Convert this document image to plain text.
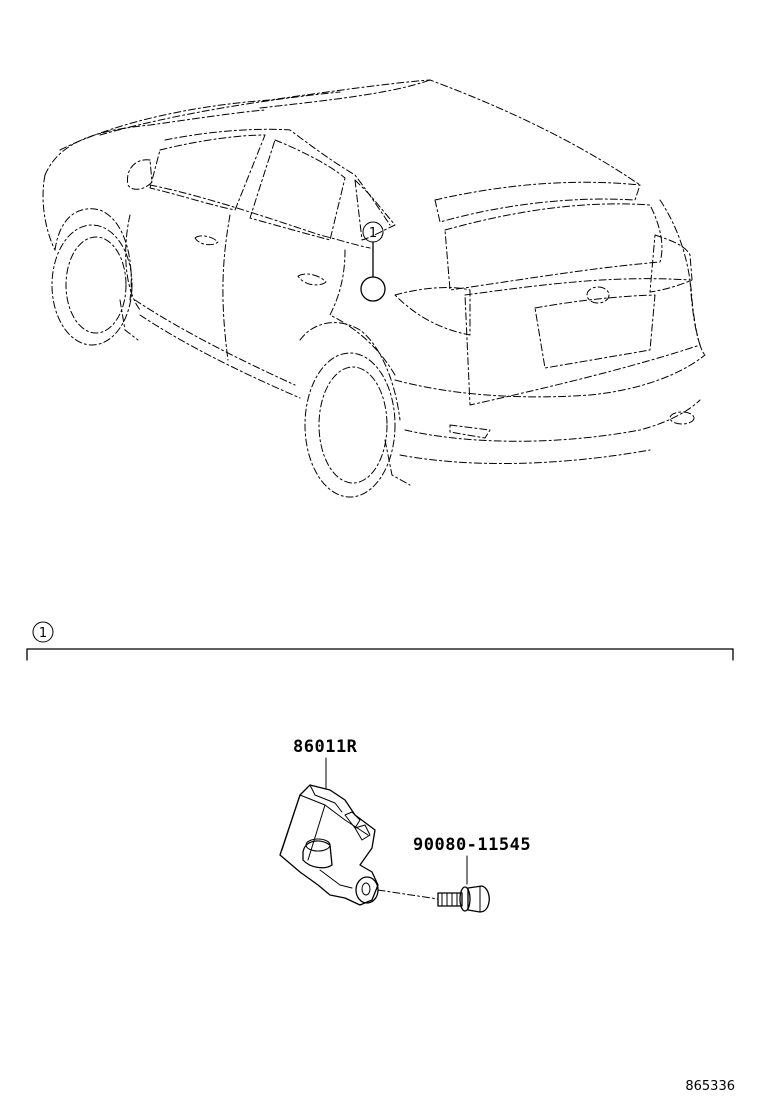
1
1
86011R
90080-11545
865336
